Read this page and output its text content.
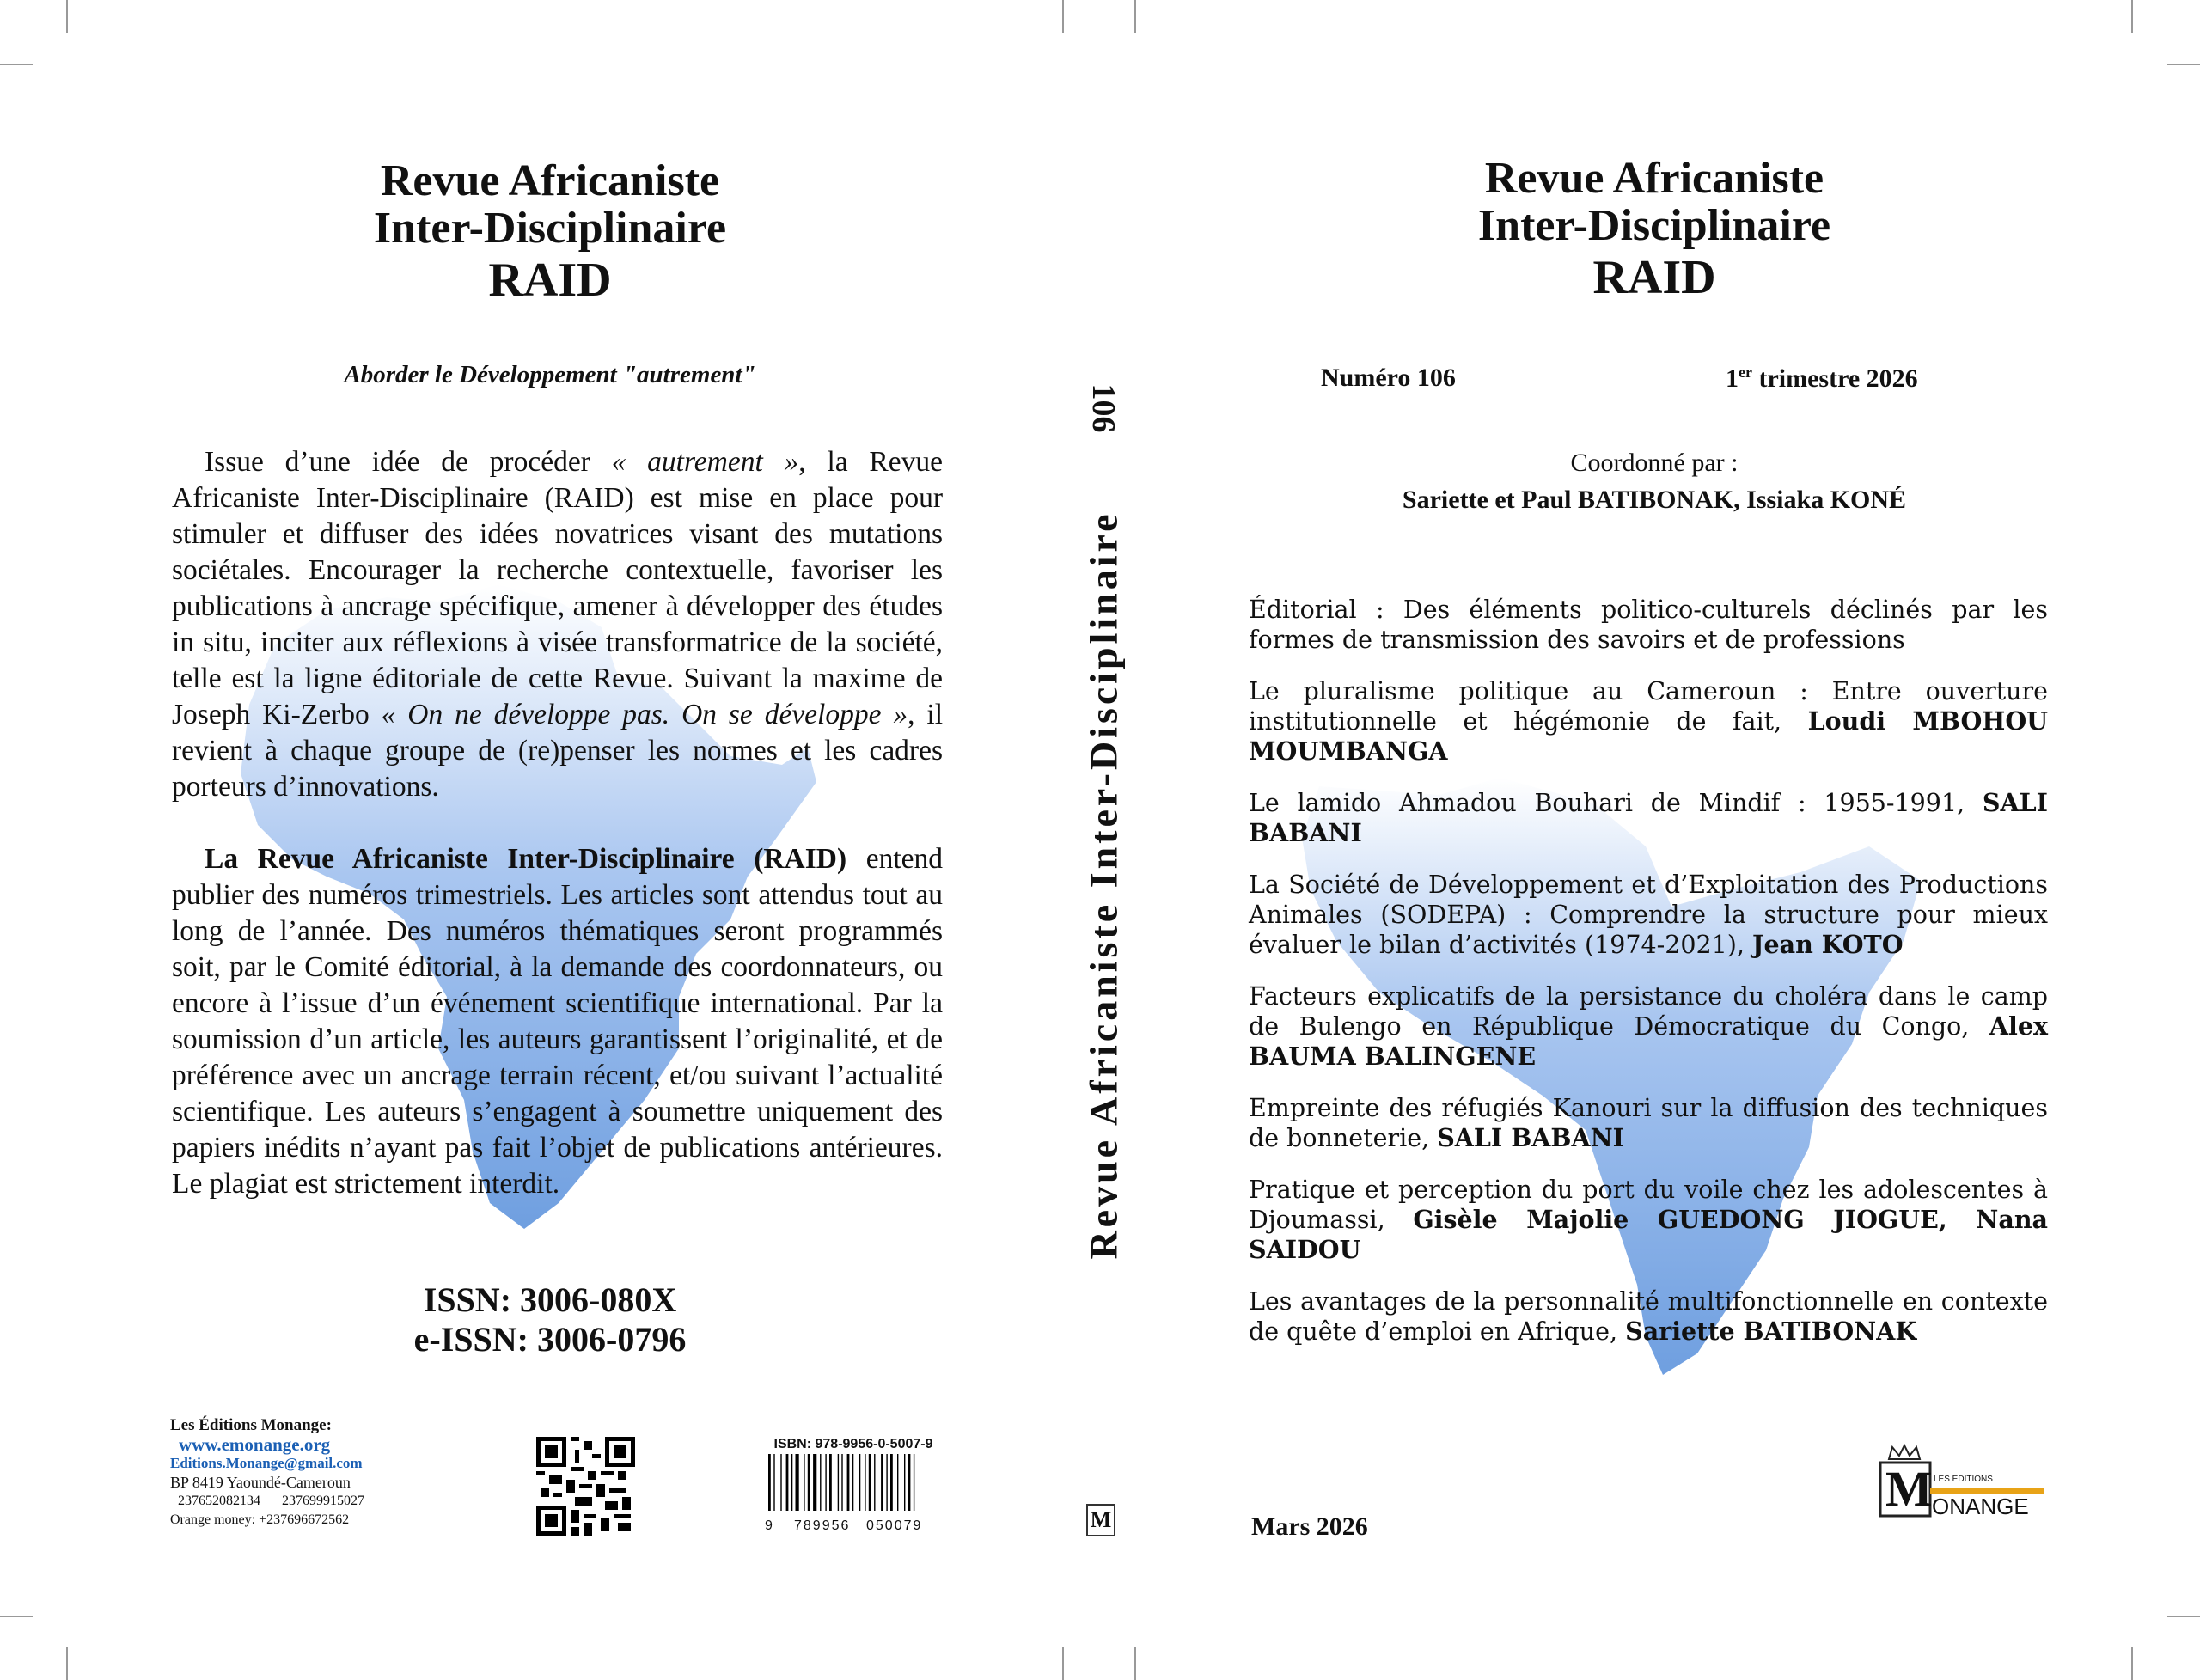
Revue Africaniste
Inter-Disciplinaire
RAID
Aborder le Développement "autrement"

Issue d’une idée de procéder « autrement », la Revue Africaniste Inter-Disciplinaire (RAID) est mise en place pour stimuler et diffuser des idées novatrices visant des mutations sociétales. Encourager la recherche contextuelle, favoriser les publications à ancrage spécifique, amener à développer des études in situ, inciter aux réflexions à visée transformatrice de la société, telle est la ligne éditoriale de cette Revue. Suivant la maxime de Joseph Ki-Zerbo « On ne développe pas. On se développe », il revient à chaque groupe de (re)penser les normes et les cadres porteurs d’innovations.

La Revue Africaniste Inter-Disciplinaire (RAID) entend publier des numéros trimestriels. Les articles sont attendus tout au long de l’année. Des numéros thématiques seront programmés soit, par le Comité éditorial, à la demande des coordonnateurs, ou encore à l’issue d’un événement scientifique international. Par la soumission d’un article, les auteurs garantissent l’originalité, et de préférence avec un ancrage terrain récent, et/ou suivant l’actualité scientifique. Les auteurs s’engagent à soumettre uniquement des papiers inédits n’ayant pas fait l’objet de publications antérieures. Le plagiat est strictement interdit.

ISSN: 3006-080X
e-ISSN: 3006-0796
Les Éditions Monange:
www.emonange.org
Editions.Monange@gmail.com
BP 8419 Yaoundé-Cameroun
+237652082134 +237699915027
Orange money: +237696672562
ISBN: 978-9956-0-5007-9
9 789956 050079
106
Revue Africaniste Inter-Disciplinaire
M
Revue Africaniste
Inter-Disciplinaire
RAID
Numéro 106	1er trimestre 2026
Coordonné par :
Sariette et Paul BATIBONAK, Issiaka KONÉ
Éditorial : Des éléments politico-culturels déclinés par les formes de transmission des savoirs et de professions
Le pluralisme politique au Cameroun : Entre ouverture institutionnelle et hégémonie de fait, Loudi MBOHOU MOUMBANGA
Le lamido Ahmadou Bouhari de Mindif : 1955-1991, SALI BABANI
La Société de Développement et d’Exploitation des Productions Animales (SODEPA) : Comprendre la structure pour mieux évaluer le bilan d’activités (1974-2021), Jean KOTO
Facteurs explicatifs de la persistance du choléra dans le camp de Bulengo en République Démocratique du Congo, Alex BAUMA BALINGENE
Empreinte des réfugiés Kanouri sur la diffusion des techniques de bonneterie, SALI BABANI
Pratique et perception du port du voile chez les adolescentes à Djoumassi, Gisèle Majolie GUEDONG JIOGUE, Nana SAIDOU
Les avantages de la personnalité multifonctionnelle en contexte de quête d’emploi en Afrique, Sariette BATIBONAK
Mars 2026
M LES EDITIONS
ONANGE
